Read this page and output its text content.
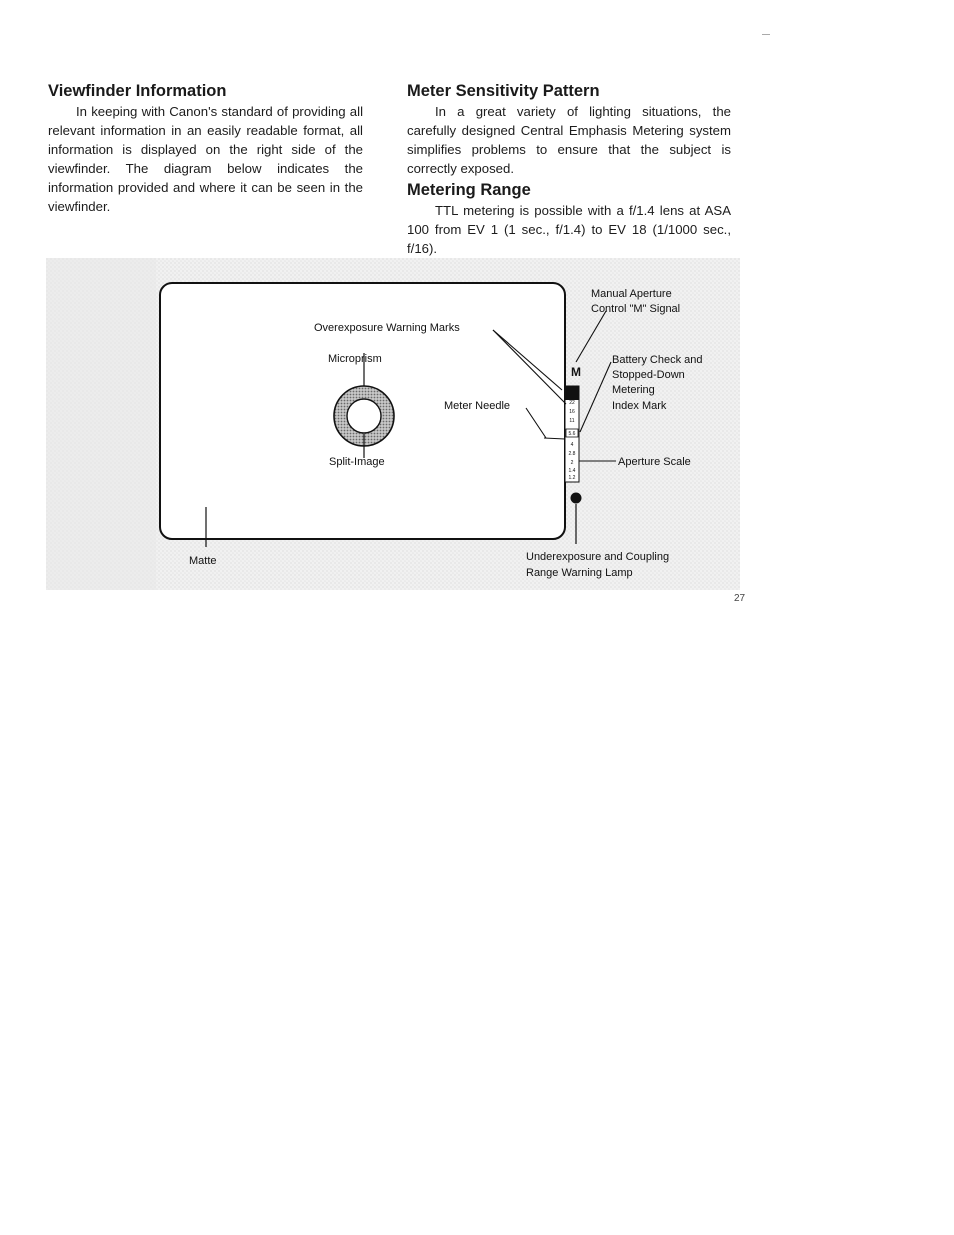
Viewfinder Information

In keeping with Canon's standard of providing all relevant information in an easily readable format, all information is displayed on the right side of the viewfinder. The diagram below indicates the information provided and where it can be seen in the viewfinder.

Meter Sensitivity Pattern

In a great variety of lighting situations, the carefully designed Central Emphasis Metering system simplifies problems to ensure that the subject is correctly exposed.

Metering Range

TTL metering is possible with a f/1.4 lens at ASA 100 from EV 1 (1 sec., f/1.4) to EV 18 (1/1000 sec., f/16).

22
16
11
5.6
4
2.8
2
1.4
1.2
M
Overexposure Warning Marks
Microprism
Meter Needle
Split-Image
Matte
Manual Aperture
Control "M" Signal
Battery Check and
Stopped-Down
Metering
Index Mark
Aperture Scale
Underexposure and Coupling
Range Warning Lamp
27
